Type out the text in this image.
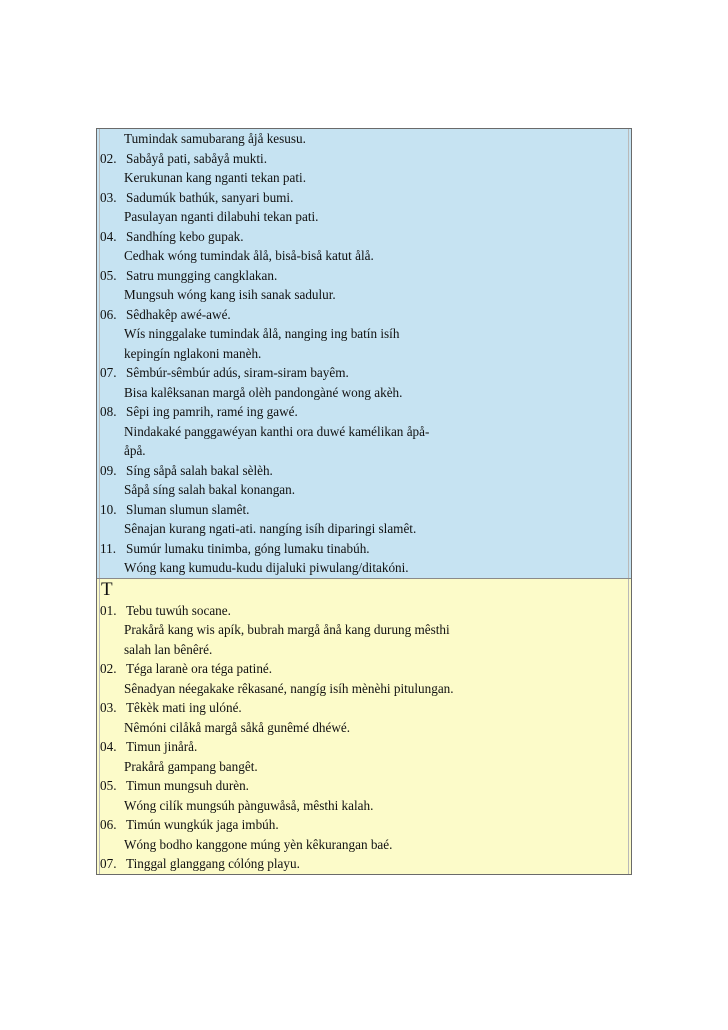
Tumindak samubarang åjå kesusu.
02. Sabåyå pati, sabåyå mukti.
Kerukunan kang nganti tekan pati.
03. Sadumúk bathúk, sanyari bumi.
Pasulayan nganti dilabuhi tekan pati.
04. Sandhíng kebo gupak.
Cedhak wóng tumindak ålå, biså-biså katut ålå.
05. Satru mungging cangklakan.
Mungsuh wóng kang isih sanak sadulur.
06. Sêdhakêp awé-awé.
Wís ninggalake tumindak ålå, nanging ing batín isíh
kepingín nglakoni manèh.
07. Sêmbúr-sêmbúr adús, siram-siram bayêm.
Bisa kalêksanan margå olèh pandongàné wong akèh.
08. Sêpi ing pamrih, ramé ing gawé.
Nindakaké panggawéyan kanthi ora duwé kamélikan åpå-
åpå.
09. Síng såpå salah bakal sèlèh.
Såpå síng salah bakal konangan.
10. Sluman slumun slamêt.
Sênajan kurang ngati-ati. nangíng isíh diparingi slamêt.
11. Sumúr lumaku tinimba, góng lumaku tinabúh.
Wóng kang kumudu-kudu dijaluki piwulang/ditakóni.
T
01. Tebu tuwúh socane.
Prakårå kang wis apík, bubrah margå ånå kang durung mêsthi
salah lan bênêré.
02. Téga laranè ora téga patiné.
Sênadyan néegakake rêkasané, nangíg isíh mènèhi pitulungan.
03. Têkèk mati ing ulóné.
Nêmóni cilåkå margå såkå gunêmé dhéwé.
04. Timun jinårå.
Prakårå gampang bangêt.
05. Timun mungsuh durèn.
Wóng cilík mungsúh pànguwåså, mêsthi kalah.
06. Timún wungkúk jaga imbúh.
Wóng bodho kanggone múng yèn kêkurangan baé.
07. Tinggal glanggang cólóng playu.
